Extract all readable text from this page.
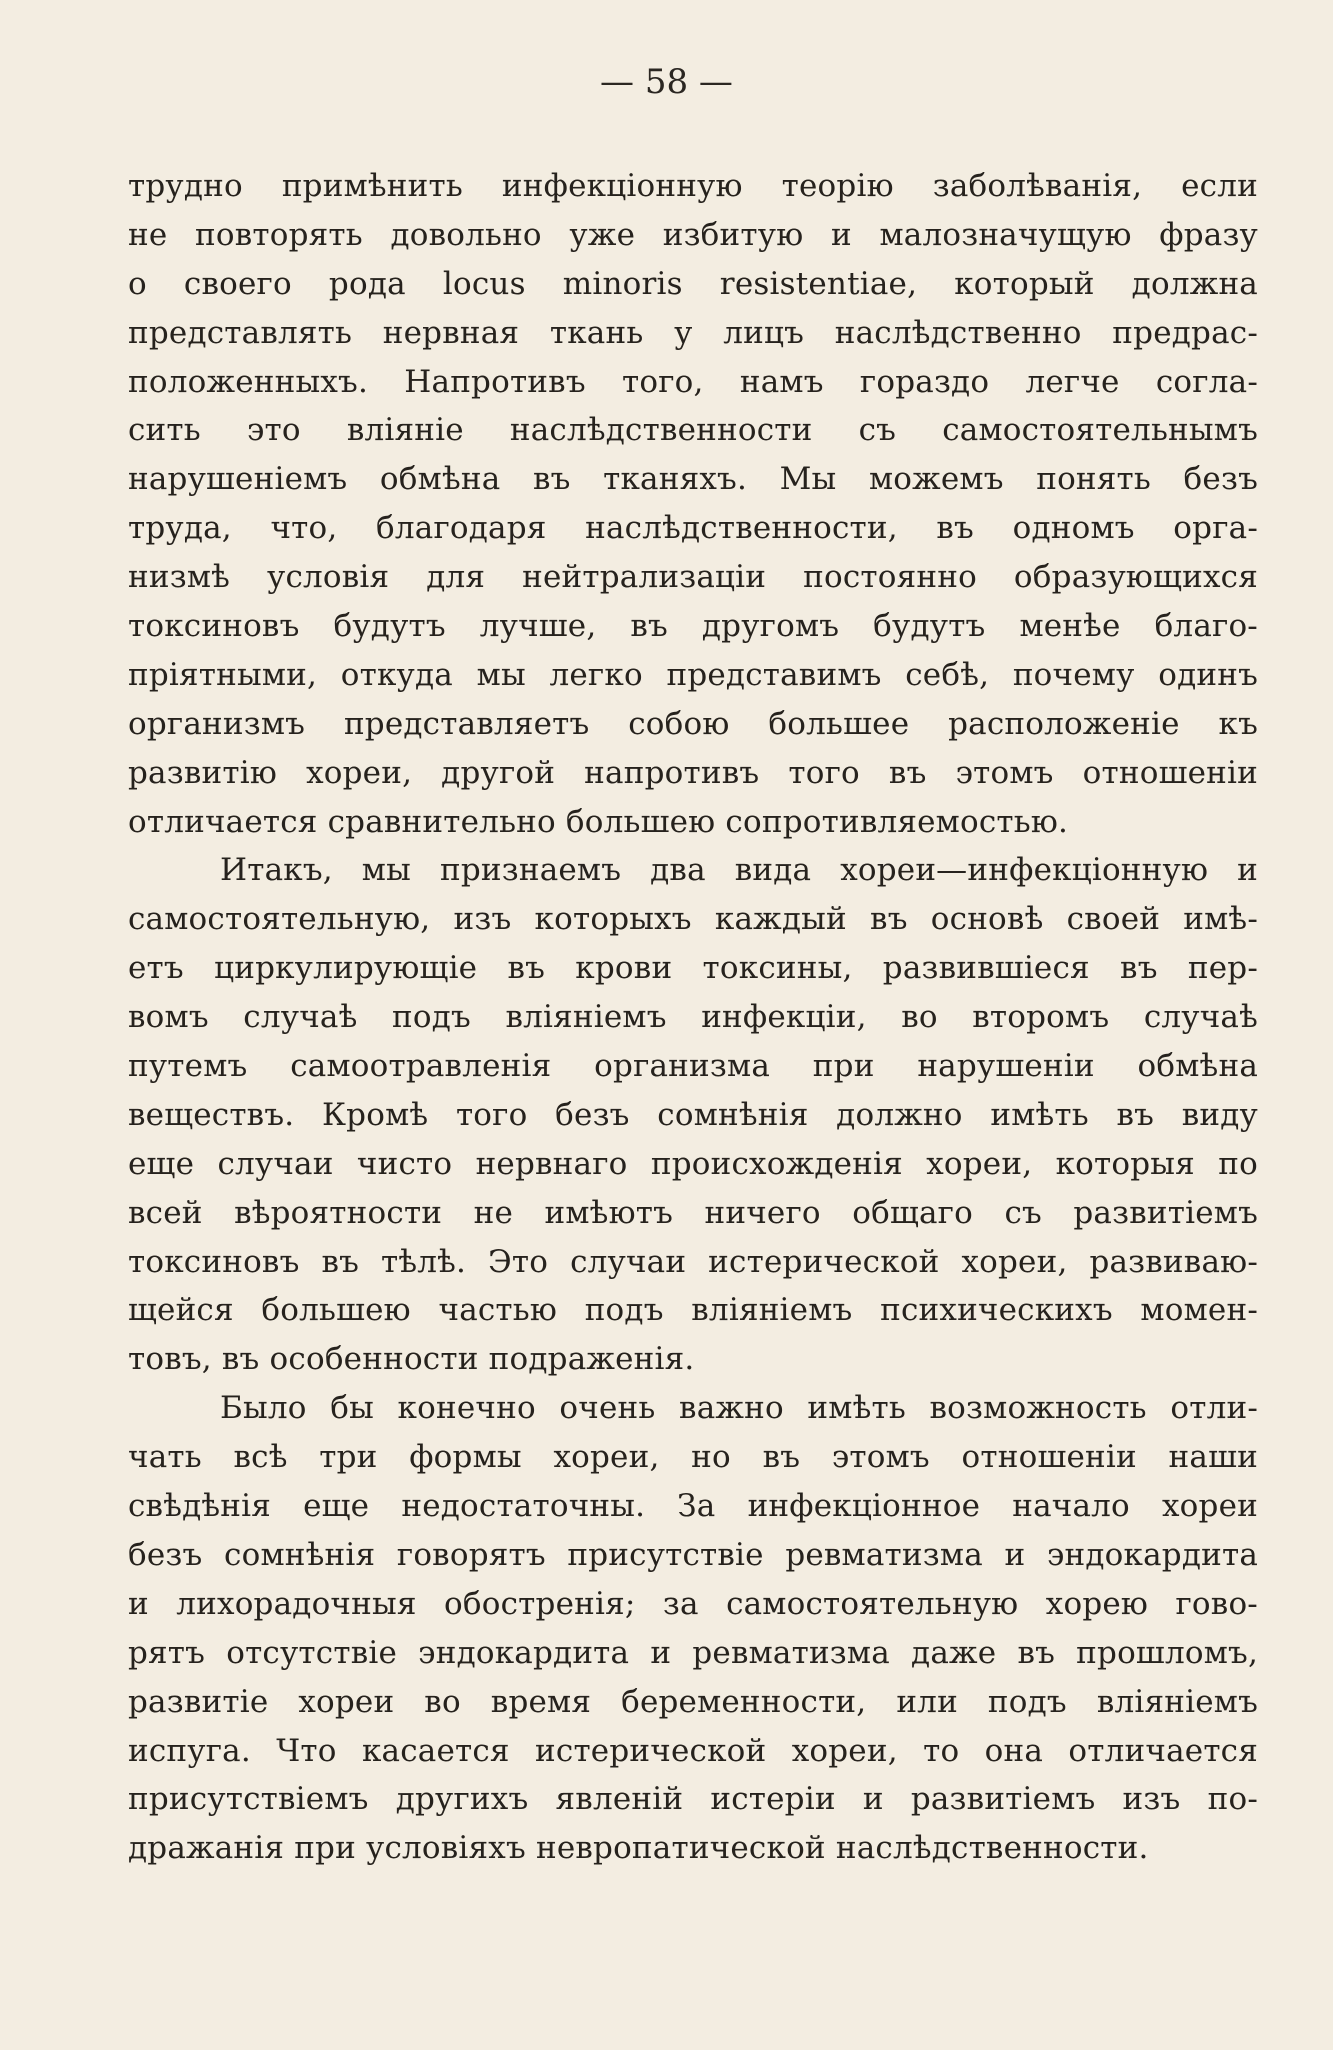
— 58 —
трудно примѣнить инфекціонную теорію заболѣванія, если
не повторять довольно уже избитую и малозначущую фразу
о своего рода locus minoris resistentiae, который должна
представлять нервная ткань у лицъ наслѣдственно предрас-
положенныхъ. Напротивъ того, намъ гораздо легче согла-
сить это вліяніе наслѣдственности съ самостоятельнымъ
нарушеніемъ обмѣна въ тканяхъ. Мы можемъ понять безъ
труда, что, благодаря наслѣдственности, въ одномъ орга-
низмѣ условія для нейтрализаціи постоянно образующихся
токсиновъ будутъ лучше, въ другомъ будутъ менѣе благо-
пріятными, откуда мы легко представимъ себѣ, почему одинъ
организмъ представляетъ собою большее расположеніе къ
развитію хореи, другой напротивъ того въ этомъ отношеніи
отличается сравнительно большею сопротивляемостью.
Итакъ, мы признаемъ два вида хореи—инфекціонную и
самостоятельную, изъ которыхъ каждый въ основѣ своей имѣ-
етъ циркулирующіе въ крови токсины, развившіеся въ пер-
вомъ случаѣ подъ вліяніемъ инфекціи, во второмъ случаѣ
путемъ самоотравленія организма при нарушеніи обмѣна
веществъ. Кромѣ того безъ сомнѣнія должно имѣть въ виду
еще случаи чисто нервнаго происхожденія хореи, которыя по
всей вѣроятности не имѣютъ ничего общаго съ развитіемъ
токсиновъ въ тѣлѣ. Это случаи истерической хореи, развиваю-
щейся большею частью подъ вліяніемъ психическихъ момен-
товъ, въ особенности подраженія.
Было бы конечно очень важно имѣть возможность отли-
чать всѣ три формы хореи, но въ этомъ отношеніи наши
свѣдѣнія еще недостаточны. За инфекціонное начало хореи
безъ сомнѣнія говорятъ присутствіе ревматизма и эндокардита
и лихорадочныя обостренія; за самостоятельную хорею гово-
рятъ отсутствіе эндокардита и ревматизма даже въ прошломъ,
развитіе хореи во время беременности, или подъ вліяніемъ
испуга. Что касается истерической хореи, то она отличается
присутствіемъ другихъ явленій истеріи и развитіемъ изъ по-
дражанія при условіяхъ невропатической наслѣдственности.
